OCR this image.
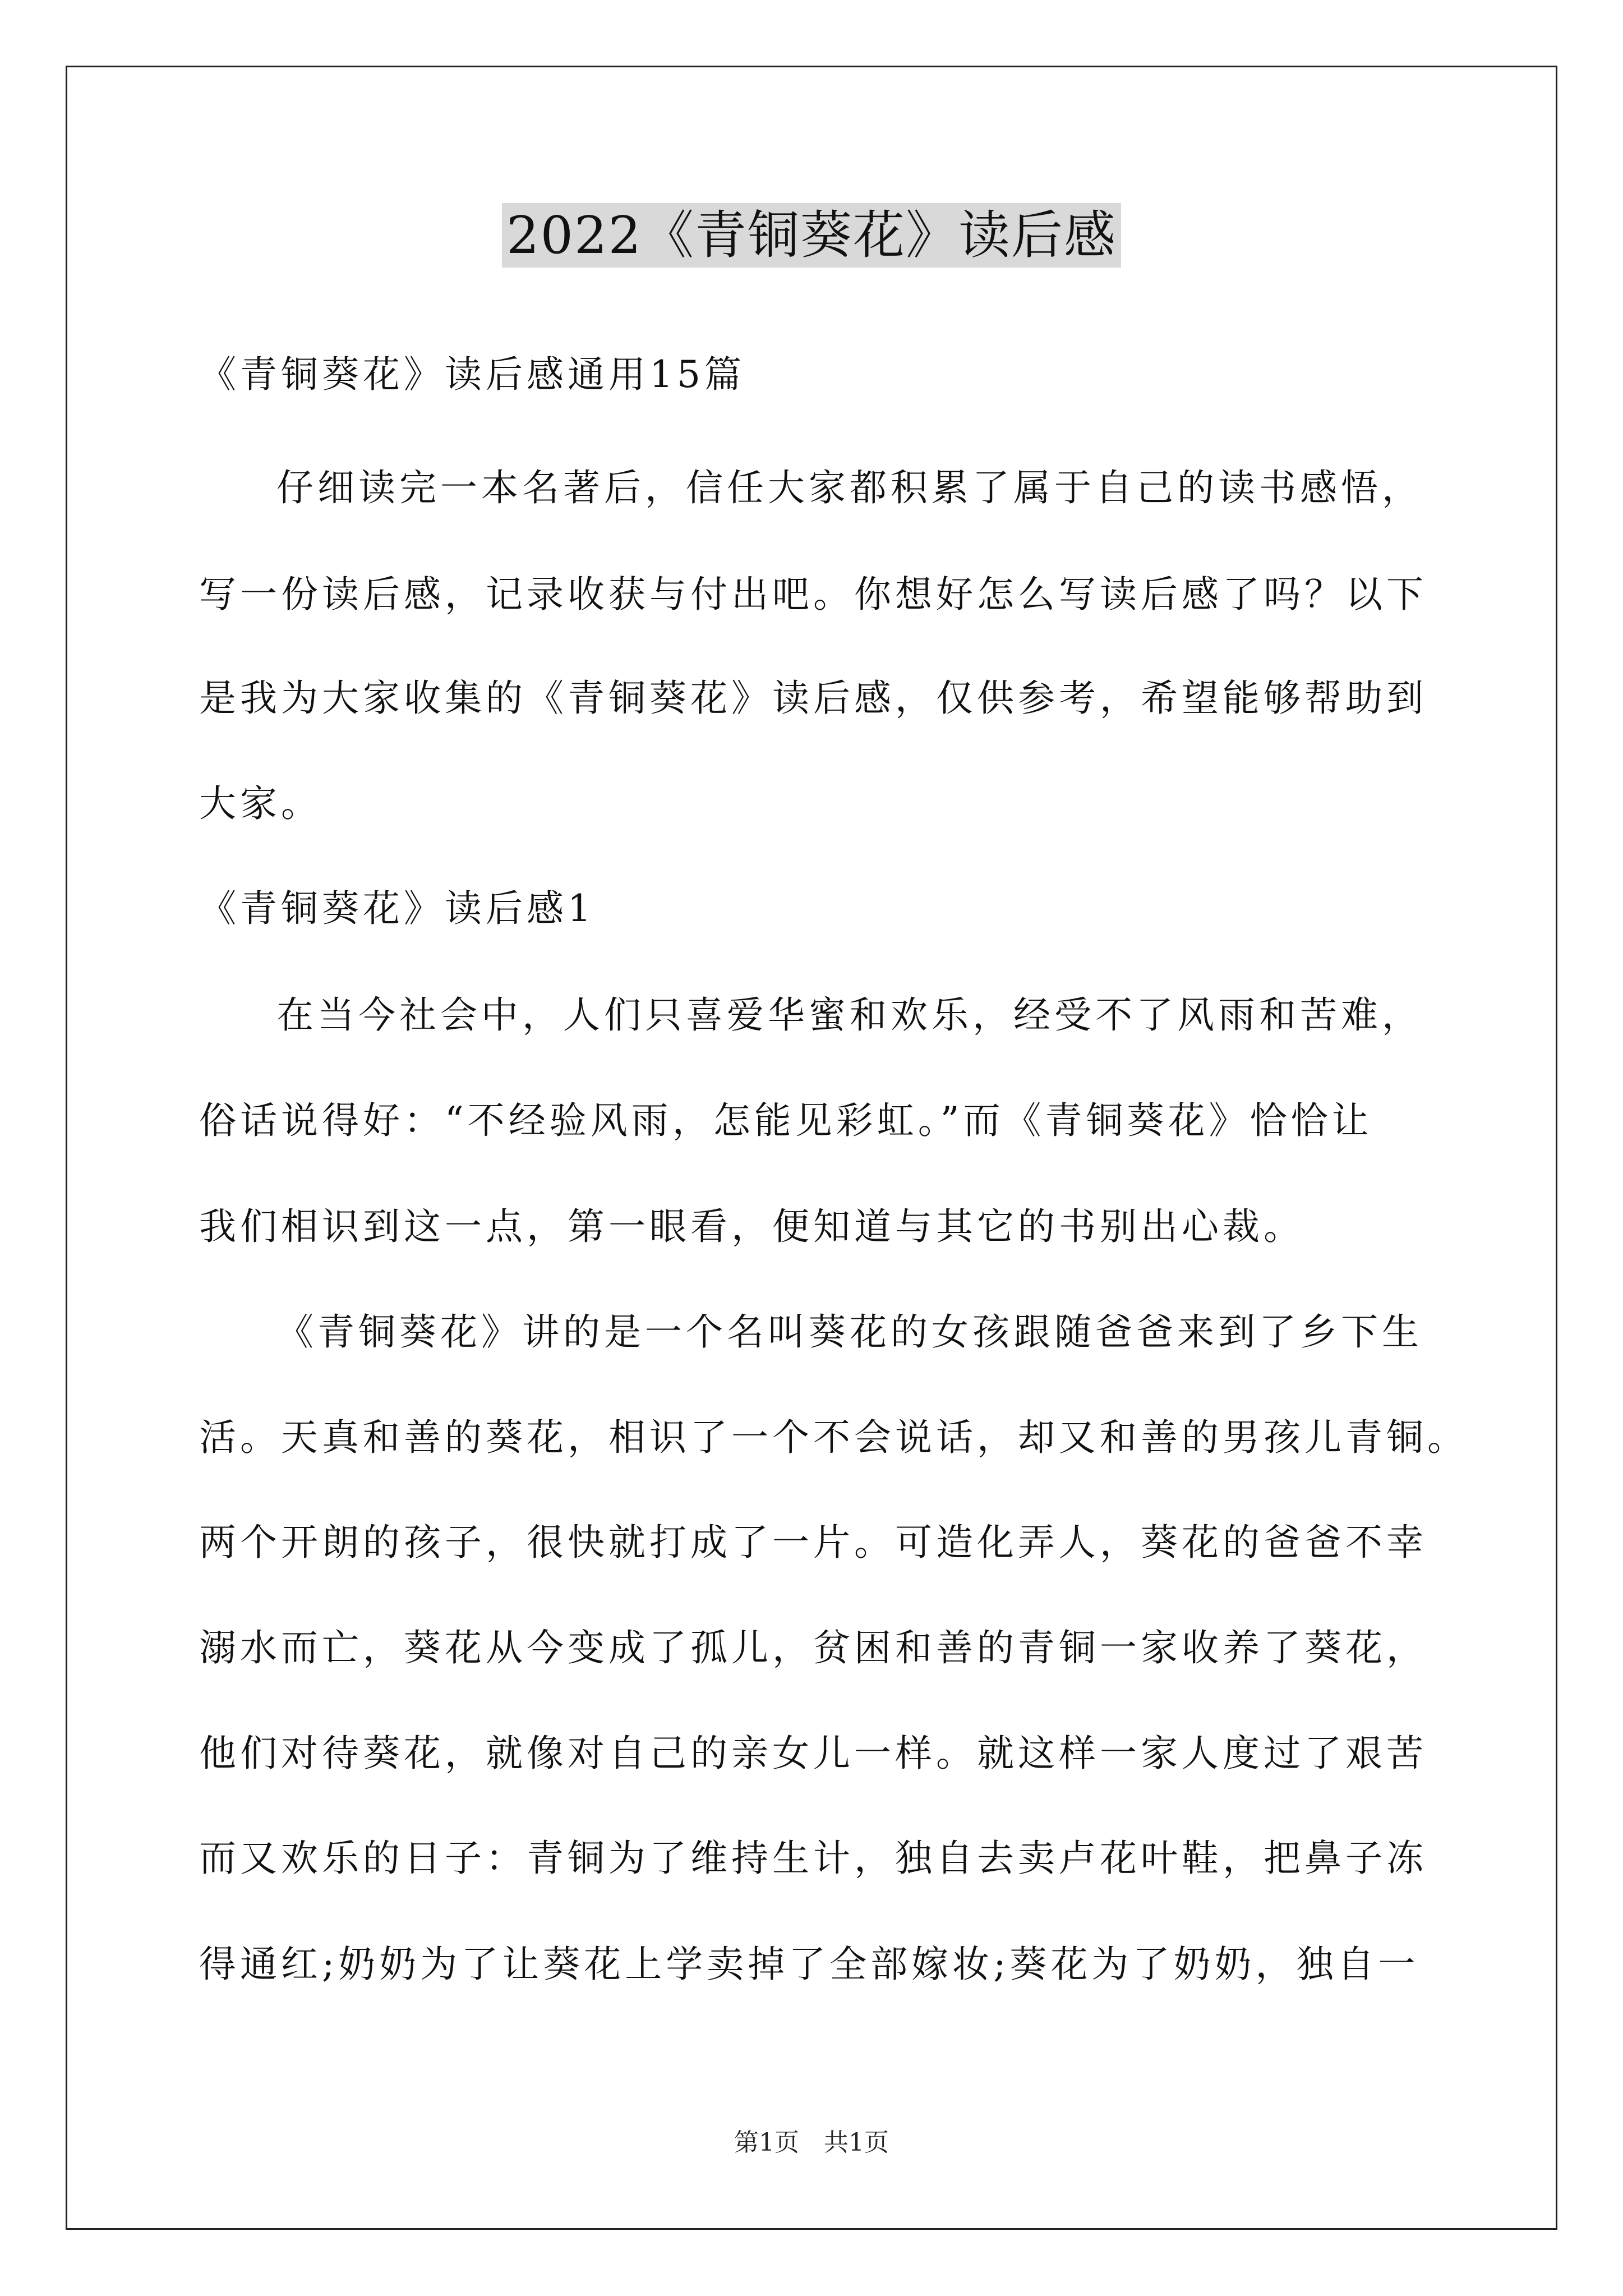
2022《青铜葵花》读后感
《青铜葵花》读后感通用15篇
仔细读完一本名著后，信任大家都积累了属于自己的读书感悟，
写一份读后感，记录收获与付出吧。你想好怎么写读后感了吗？以下
是我为大家收集的《青铜葵花》读后感，仅供参考，希望能够帮助到
大家。
《青铜葵花》读后感1
在当今社会中，人们只喜爱华蜜和欢乐，经受不了风雨和苦难，
俗话说得好：“不经验风雨，怎能见彩虹。”而《青铜葵花》恰恰让
我们相识到这一点，第一眼看，便知道与其它的书别出心裁。
《青铜葵花》讲的是一个名叫葵花的女孩跟随爸爸来到了乡下生
活。天真和善的葵花，相识了一个不会说话，却又和善的男孩儿青铜。
两个开朗的孩子，很快就打成了一片。可造化弄人，葵花的爸爸不幸
溺水而亡，葵花从今变成了孤儿，贫困和善的青铜一家收养了葵花，
他们对待葵花，就像对自己的亲女儿一样。就这样一家人度过了艰苦
而又欢乐的日子：青铜为了维持生计，独自去卖卢花叶鞋，把鼻子冻
得通红;奶奶为了让葵花上学卖掉了全部嫁妆;葵花为了奶奶，独自一
第1页　共1页
